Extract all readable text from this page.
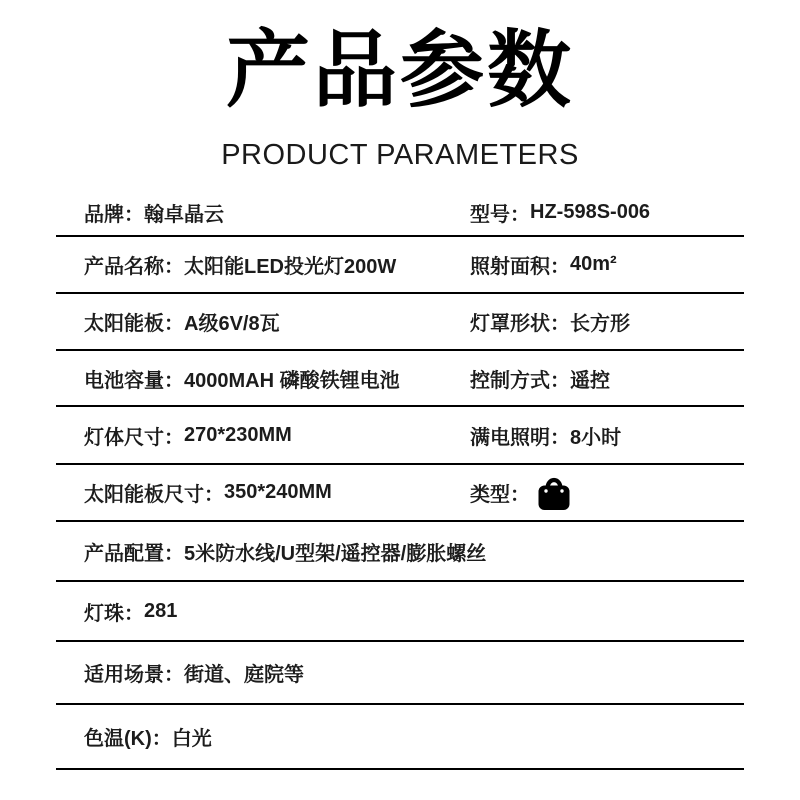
产品参数
PRODUCT PARAMETERS
品牌： 翰卓晶云	型号： HZ-598S-006
产品名称： 太阳能LED投光灯200W	照射面积： 40m²
太阳能板： A级6V/8瓦	灯罩形状： 长方形
电池容量： 4000MAH 磷酸铁锂电池	控制方式： 遥控
灯体尺寸： 270*230MM	满电照明： 8小时
太阳能板尺寸： 350*240MM	类型：
产品配置： 5米防水线/U型架/遥控器/膨胀螺丝
灯珠： 281
适用场景： 街道、庭院等
色温(K)： 白光
